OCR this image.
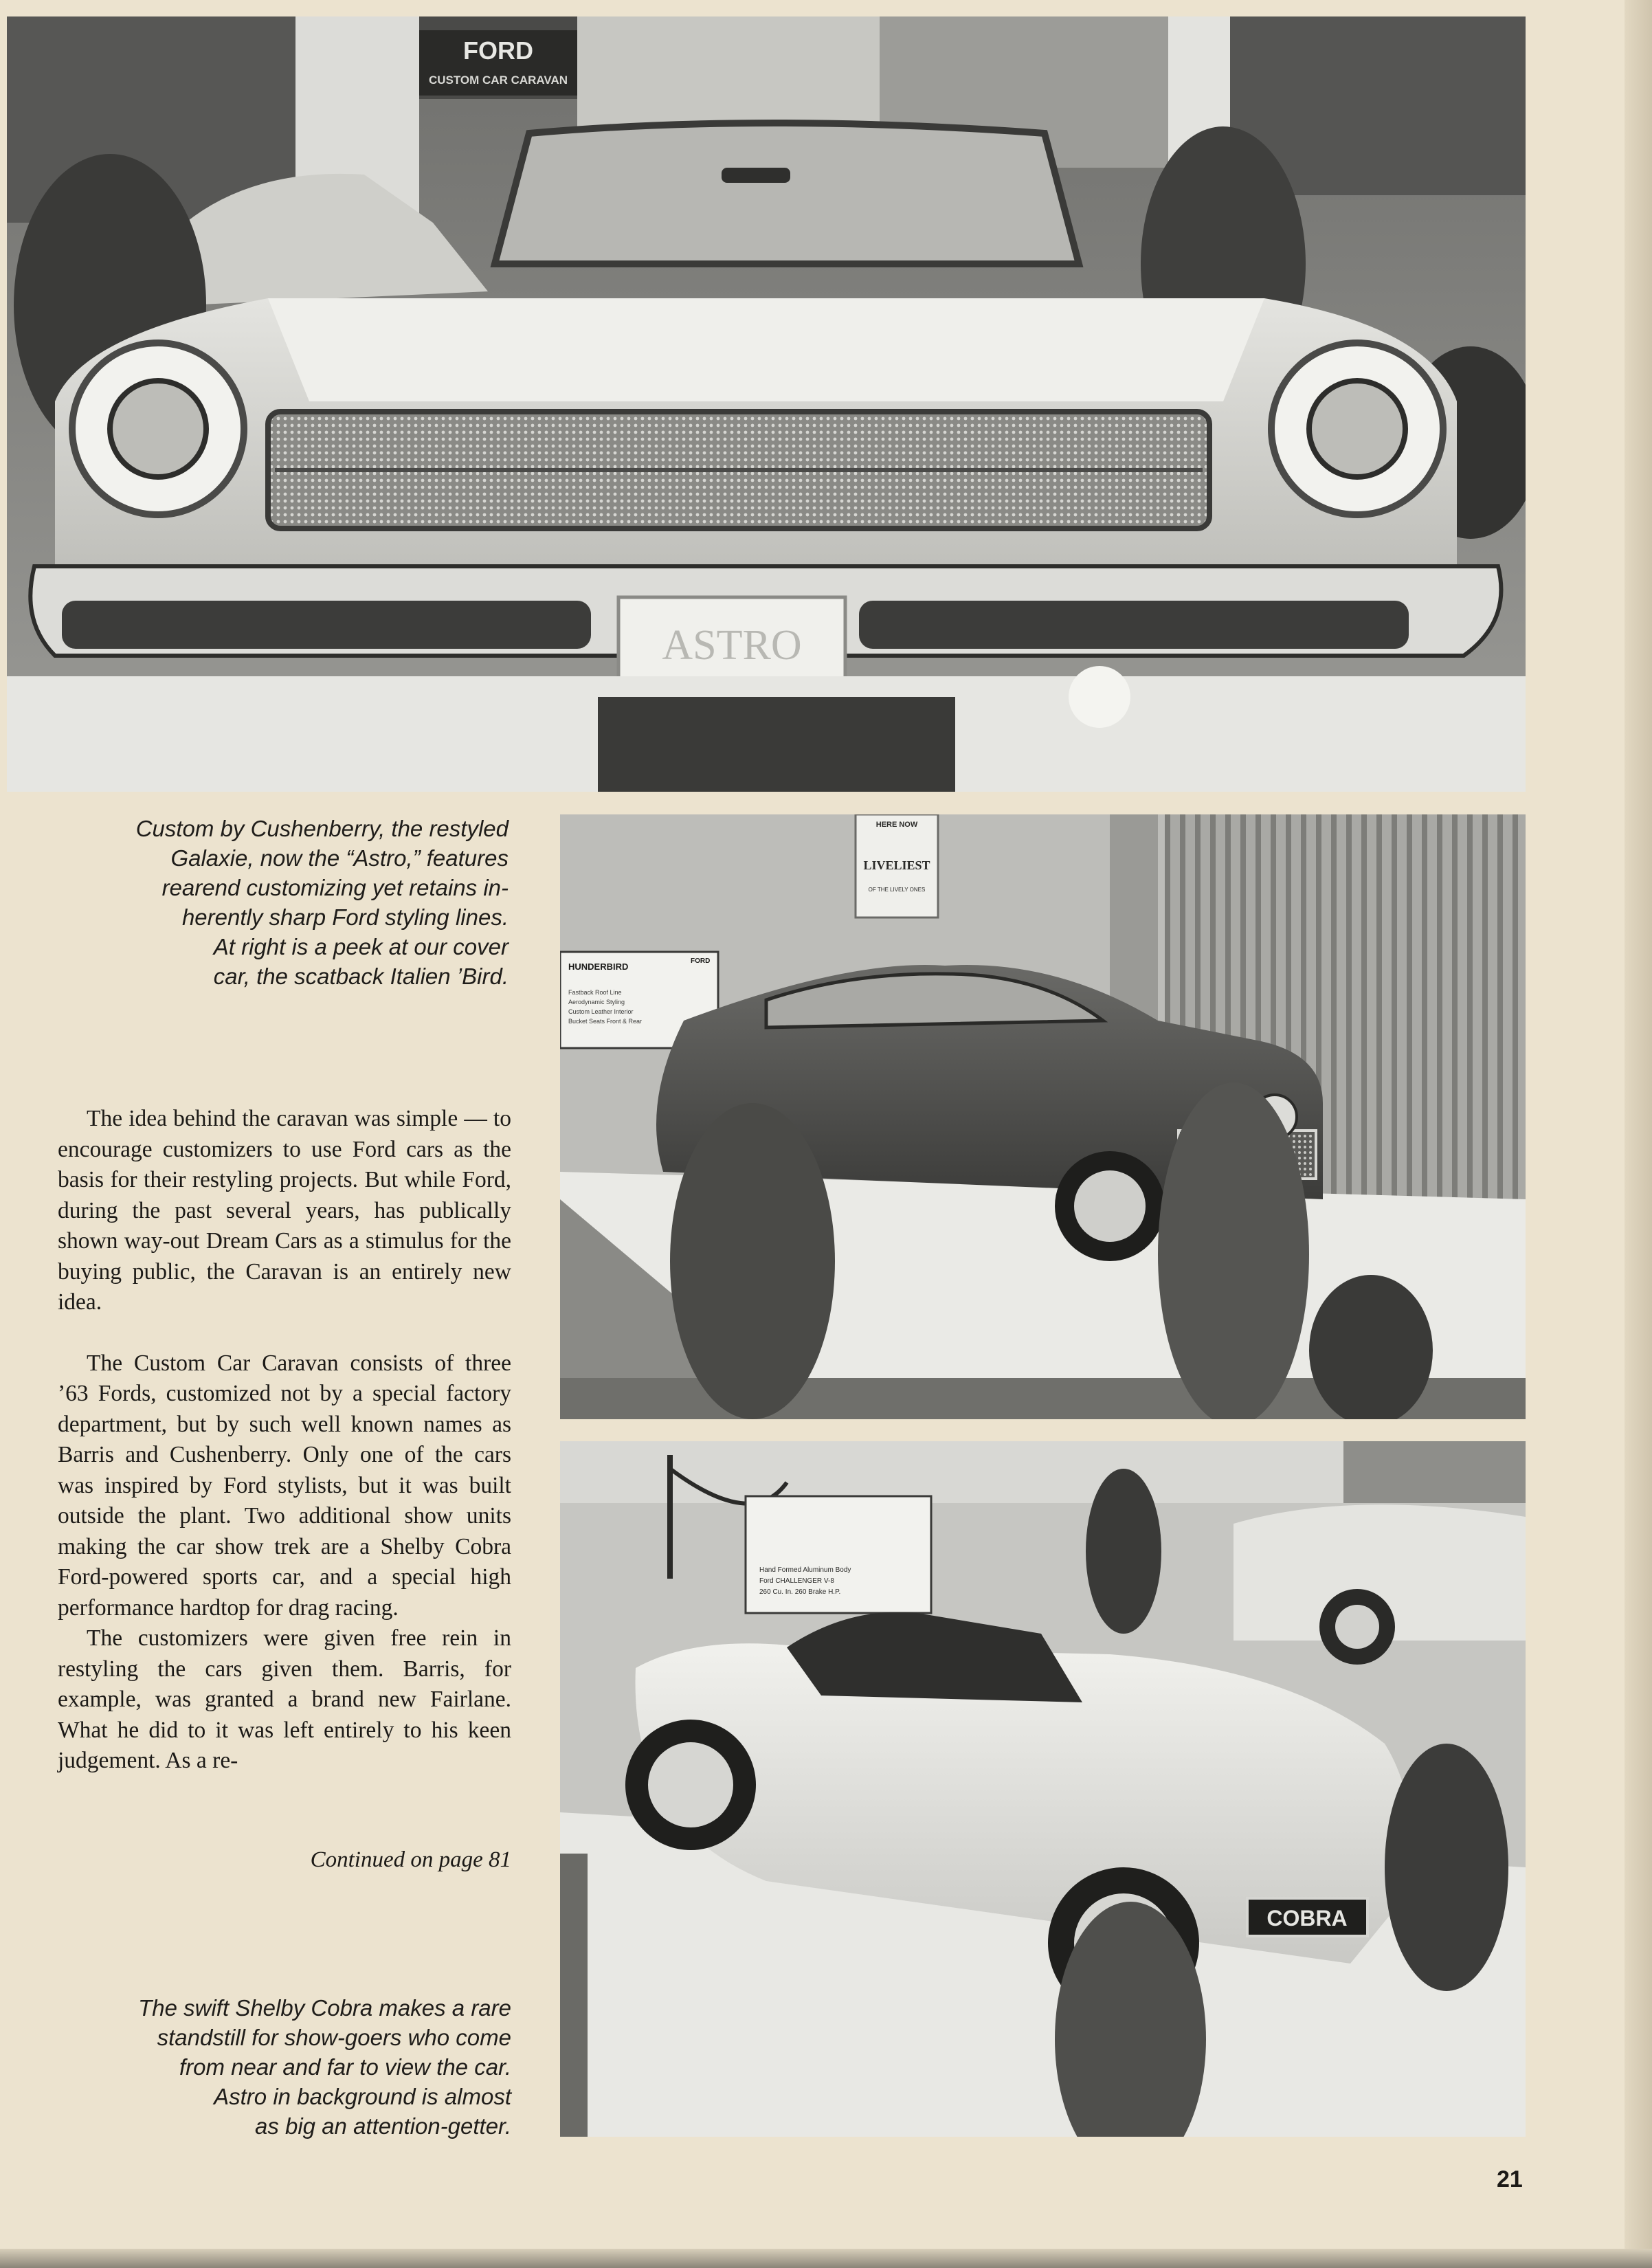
FORD
CUSTOM CAR CARAVAN
ASTRO
Custom by Cushenberry, the restyled
Galaxie, now the “Astro,” features
rearend customizing yet retains in-
herently sharp Ford styling lines.
At right is a peek at our cover
car, the scatback Italien ’Bird.
HERE NOW
LIVELIEST
OF THE LIVELY ONES
HUNDERBIRD
FORD
Fastback Roof Line
Aerodynamic Styling
Custom Leather Interior
Bucket Seats Front & Rear

The idea behind the caravan was simple — to encourage customizers to use Ford cars as the basis for their restyling projects. But while Ford, during the past several years, has publically shown way-out Dream Cars as a stimulus for the buying public, the Caravan is an entirely new idea.

The Custom Car Caravan consists of three ’63 Fords, customized not by a special factory department, but by such well known names as Barris and Cushenberry. Only one of the cars was inspired by Ford stylists, but it was built outside the plant. Two additional show units making the car show trek are a Shelby Cobra Ford-powered sports car, and a special high performance hardtop for drag racing.

The customizers were given free rein in restyling the cars given them. Barris, for example, was granted a brand new Fairlane. What he did to it was left entirely to his keen judgement. As a re-

Continued on page 81
Hand Formed Aluminum Body
Ford CHALLENGER V-8
260 Cu. In. 260 Brake H.P.
COBRA
The swift Shelby Cobra makes a rare
standstill for show-goers who come
from near and far to view the car.
Astro in background is almost
as big an attention-getter.
21
